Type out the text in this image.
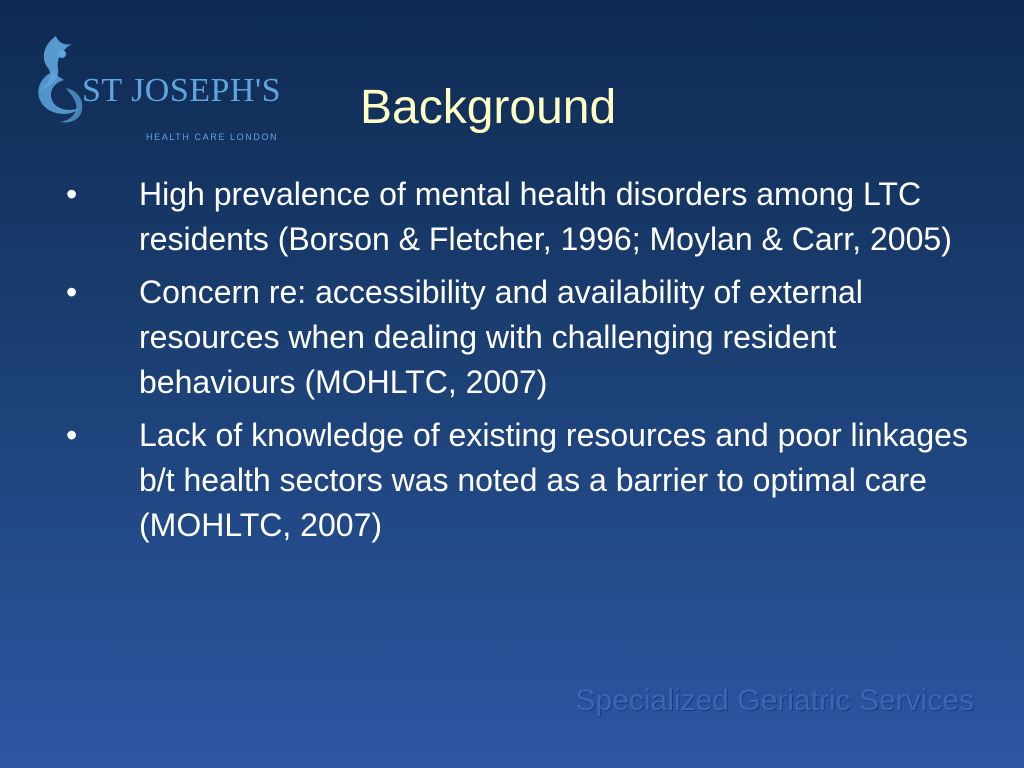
ST JOSEPH'S
HEALTH CARE LONDON
Background
• High prevalence of mental health disorders among LTC residents (Borson & Fletcher, 1996; Moylan & Carr, 2005)
• Concern re: accessibility and availability of external resources when dealing with challenging resident behaviours (MOHLTC, 2007)
• Lack of knowledge of existing resources and poor linkages b/t health sectors was noted as a barrier to optimal care (MOHLTC, 2007)
Specialized Geriatric Services
